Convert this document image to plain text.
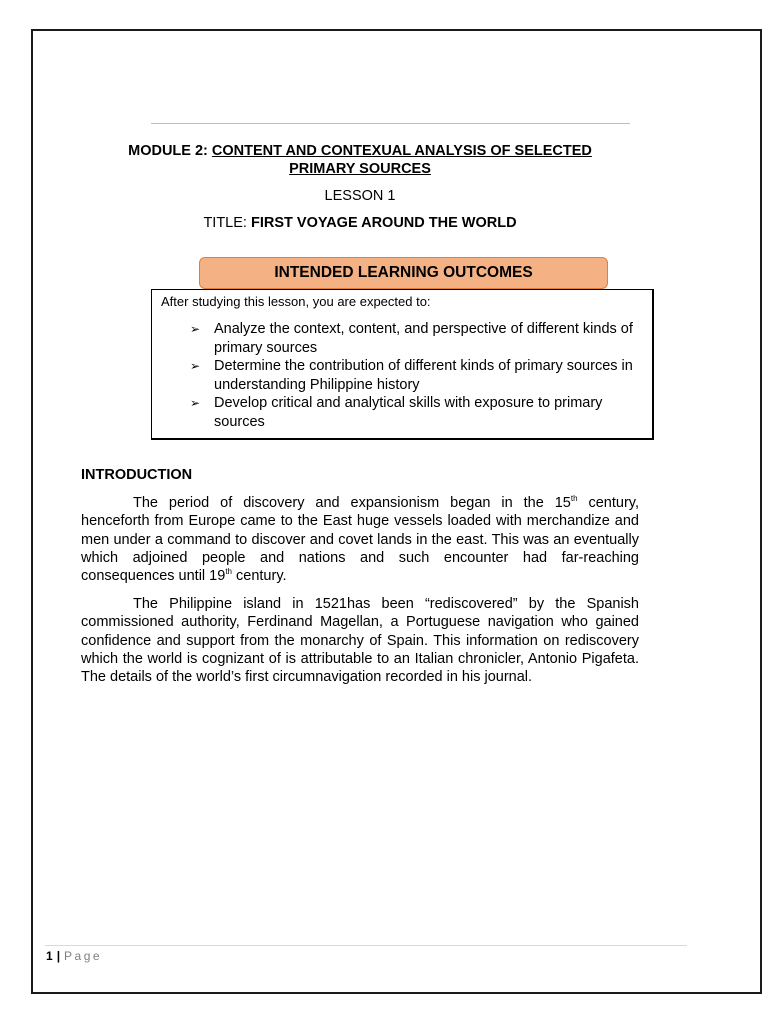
MODULE 2: CONTENT AND CONTEXUAL ANALYSIS OF SELECTED
PRIMARY SOURCES
LESSON 1
TITLE: FIRST VOYAGE AROUND THE WORLD
INTENDED LEARNING OUTCOMES
After studying this lesson, you are expected to:
➢ Analyze the context, content, and perspective of different kinds of primary sources
➢ Determine the contribution of different kinds of primary sources in understanding Philippine history
➢ Develop critical and analytical skills with exposure to primary sources
INTRODUCTION

The period of discovery and expansionism began in the 15th century, henceforth from Europe came to the East huge vessels loaded with merchandize and men under a command to discover and covet lands in the east. This was an eventually which adjoined people and nations and such encounter had far-reaching consequences until 19th century.

The Philippine island in 1521has been “rediscovered” by the Spanish commissioned authority, Ferdinand Magellan, a Portuguese navigation who gained confidence and support from the monarchy of Spain. This information on rediscovery which the world is cognizant of is attributable to an Italian chronicler, Antonio Pigafeta. The details of the world’s first circumnavigation recorded in his journal.

1 | Page
